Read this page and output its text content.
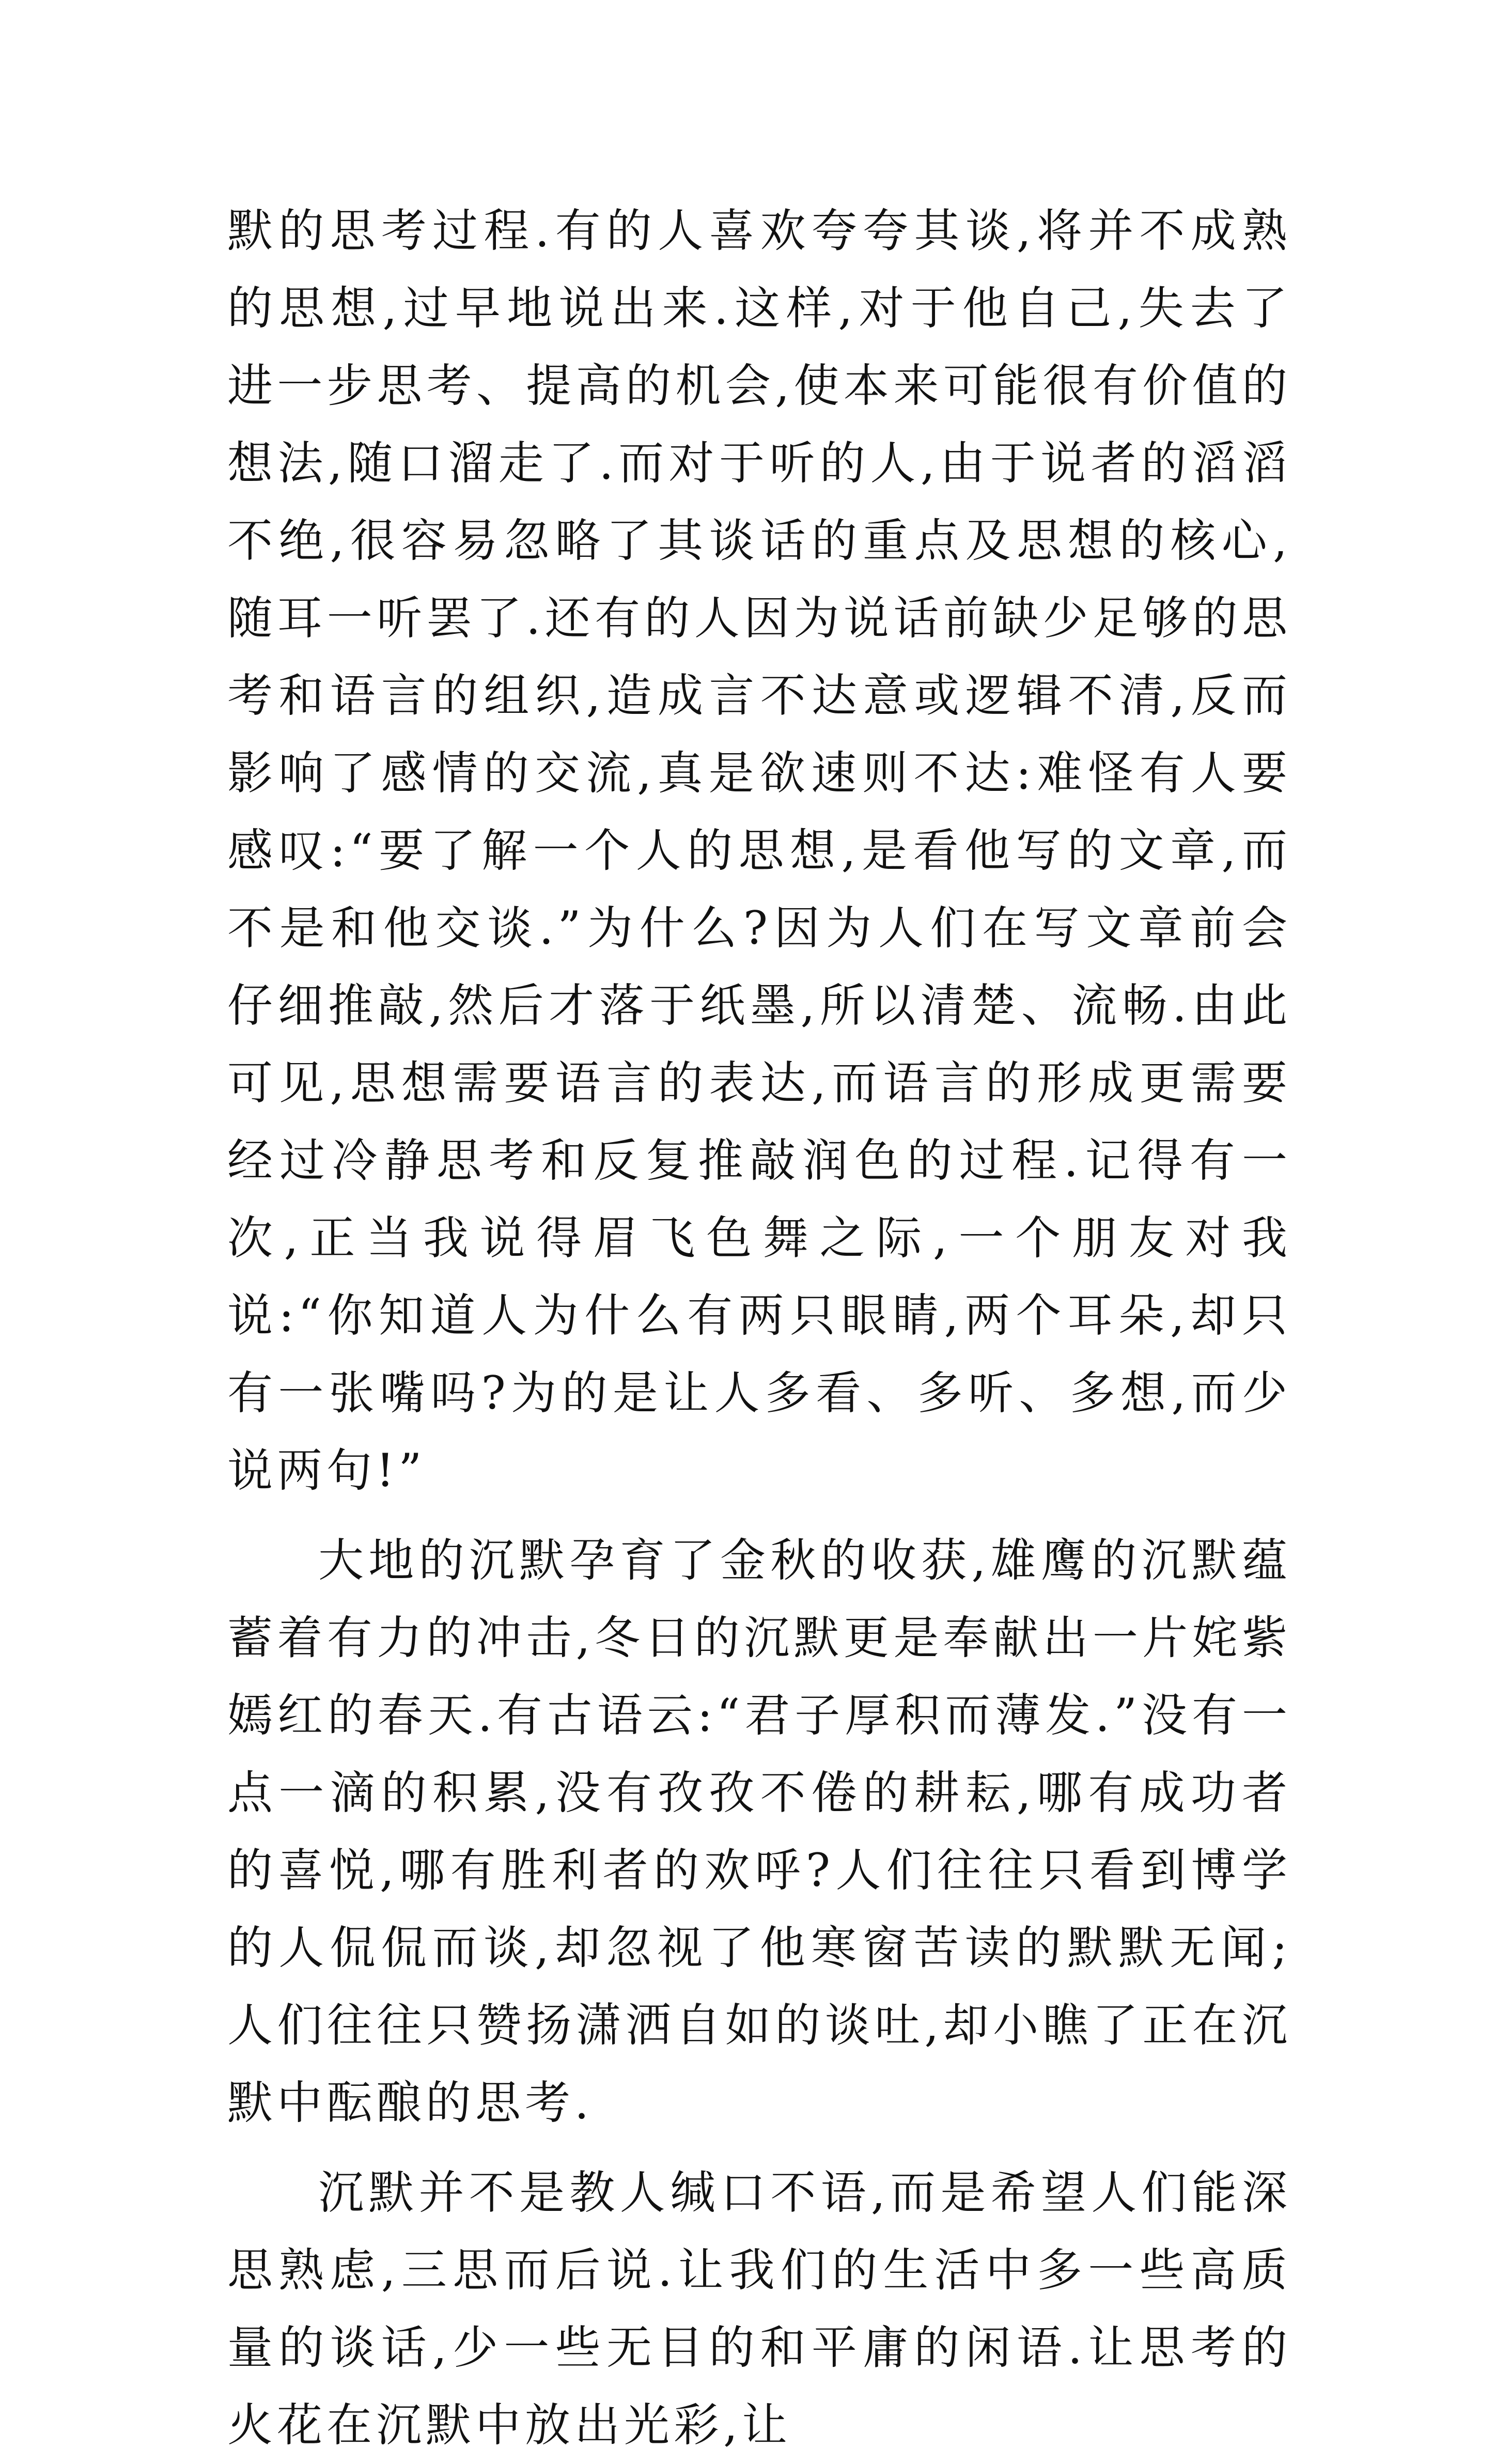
默的思考过程.有的人喜欢夸夸其谈,将并不成熟的思想,过早地说出来.这样,对于他自己,失去了进一步思考、提高的机会,使本来可能很有价值的想法,随口溜走了.而对于听的人,由于说者的滔滔不绝,很容易忽略了其谈话的重点及思想的核心,随耳一听罢了.还有的人因为说话前缺少足够的思考和语言的组织,造成言不达意或逻辑不清,反而影响了感情的交流,真是欲速则不达:难怪有人要感叹:“要了解一个人的思想,是看他写的文章,而不是和他交谈.”为什么?因为人们在写文章前会仔细推敲,然后才落于纸墨,所以清楚、流畅.由此可见,思想需要语言的表达,而语言的形成更需要经过冷静思考和反复推敲润色的过程.记得有一次,正当我说得眉飞色舞之际,一个朋友对我说:“你知道人为什么有两只眼睛,两个耳朵,却只有一张嘴吗?为的是让人多看、多听、多想,而少说两句!”

大地的沉默孕育了金秋的收获,雄鹰的沉默蕴蓄着有力的冲击,冬日的沉默更是奉献出一片姹紫嫣红的春天.有古语云:“君子厚积而薄发.”没有一点一滴的积累,没有孜孜不倦的耕耘,哪有成功者的喜悦,哪有胜利者的欢呼?人们往往只看到博学的人侃侃而谈,却忽视了他寒窗苦读的默默无闻;人们往往只赞扬潇洒自如的谈吐,却小瞧了正在沉默中酝酿的思考.

沉默并不是教人缄口不语,而是希望人们能深思熟虑,三思而后说.让我们的生活中多一些高质量的谈话,少一些无目的和平庸的闲语.让思考的火花在沉默中放出光彩,让
